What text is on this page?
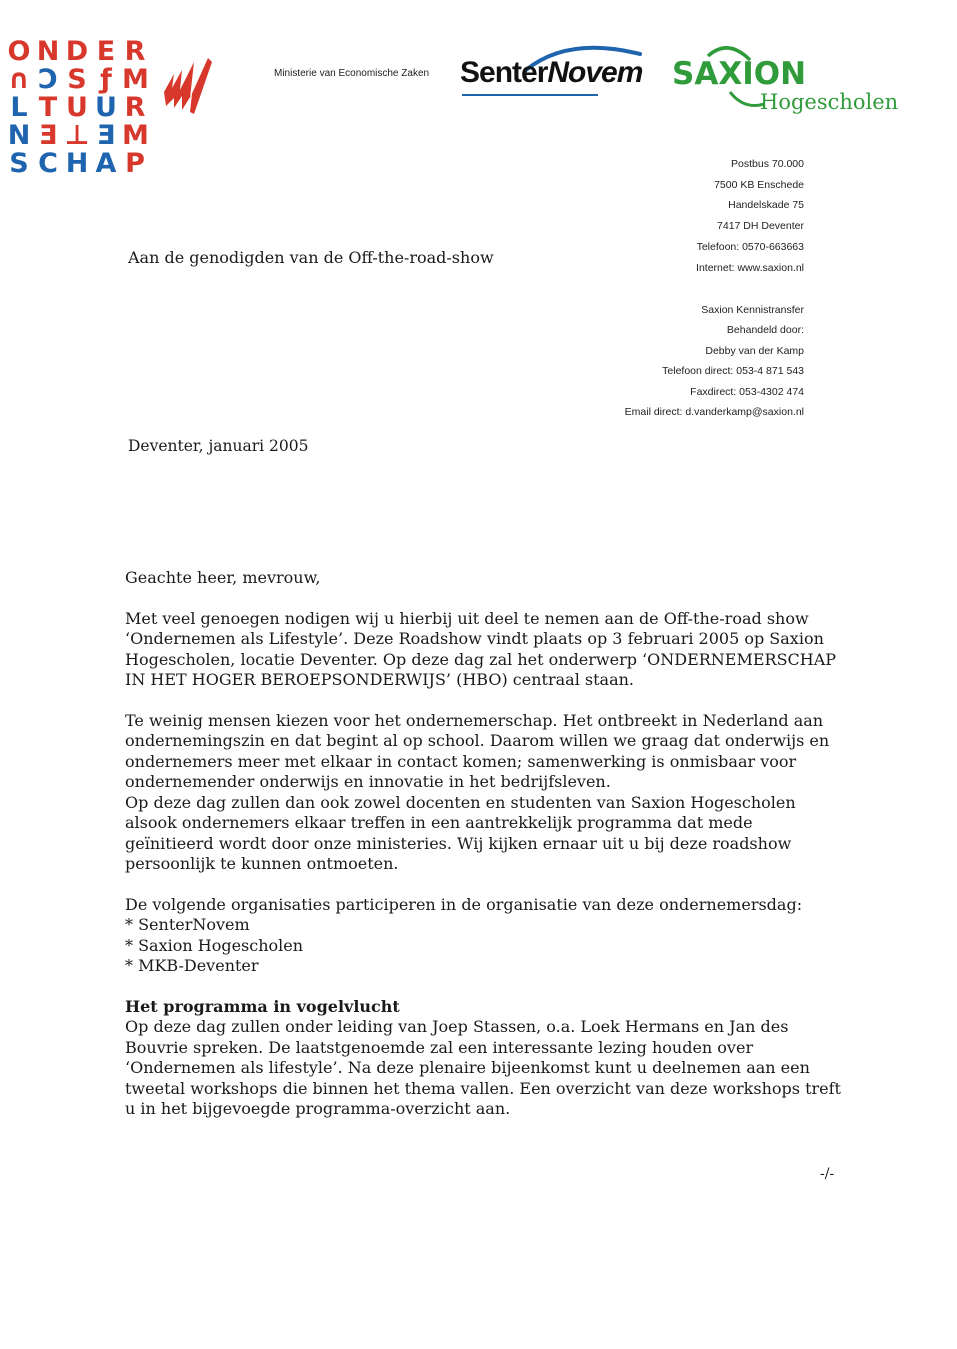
O N D E R
∩ Ɔ S ƒ M
L T U U R
N Ǝ ⊥ Ǝ M
S C H A P
Ministerie van Economische Zaken SenterNovem SAXION
Hogescholen
Postbus 70.000
7500 KB Enschede
Handelskade 75
7417 DH Deventer
Telefoon: 0570-663663
Internet: www.saxion.nl
Aan de genodigden van de Off-the-road-show
Saxion Kennistransfer
Behandeld door:
Debby van der Kamp
Telefoon direct: 053-4 871 543
Faxdirect: 053-4302 474
Email direct: d.vanderkamp@saxion.nl
Deventer, januari 2005

Geachte heer, mevrouw,

Met veel genoegen nodigen wij u hierbij uit deel te nemen aan de Off-the-road show ‘Ondernemen als Lifestyle’. Deze Roadshow vindt plaats op 3 februari 2005 op Saxion Hogescholen, locatie Deventer. Op deze dag zal het onderwerp ‘ONDERNEMERSCHAP IN HET HOGER BEROEPSONDERWIJS’ (HBO) centraal staan.

Te weinig mensen kiezen voor het ondernemerschap. Het ontbreekt in Nederland aan ondernemingszin en dat begint al op school. Daarom willen we graag dat onderwijs en ondernemers meer met elkaar in contact komen; samenwerking is onmisbaar voor ondernemender onderwijs en innovatie in het bedrijfsleven.

Op deze dag zullen dan ook zowel docenten en studenten van Saxion Hogescholen alsook ondernemers elkaar treffen in een aantrekkelijk programma dat mede geïnitieerd wordt door onze ministeries. Wij kijken ernaar uit u bij deze roadshow persoonlijk te kunnen ontmoeten.

De volgende organisaties participeren in de organisatie van deze ondernemersdag:

* SenterNovem

* Saxion Hogescholen

* MKB-Deventer

Het programma in vogelvlucht

Op deze dag zullen onder leiding van Joep Stassen, o.a. Loek Hermans en Jan des Bouvrie spreken. De laatstgenoemde zal een interessante lezing houden over ‘Ondernemen als lifestyle’. Na deze plenaire bijeenkomst kunt u deelnemen aan een tweetal workshops die binnen het thema vallen. Een overzicht van deze workshops treft u in het bijgevoegde programma-overzicht aan.

-/-
